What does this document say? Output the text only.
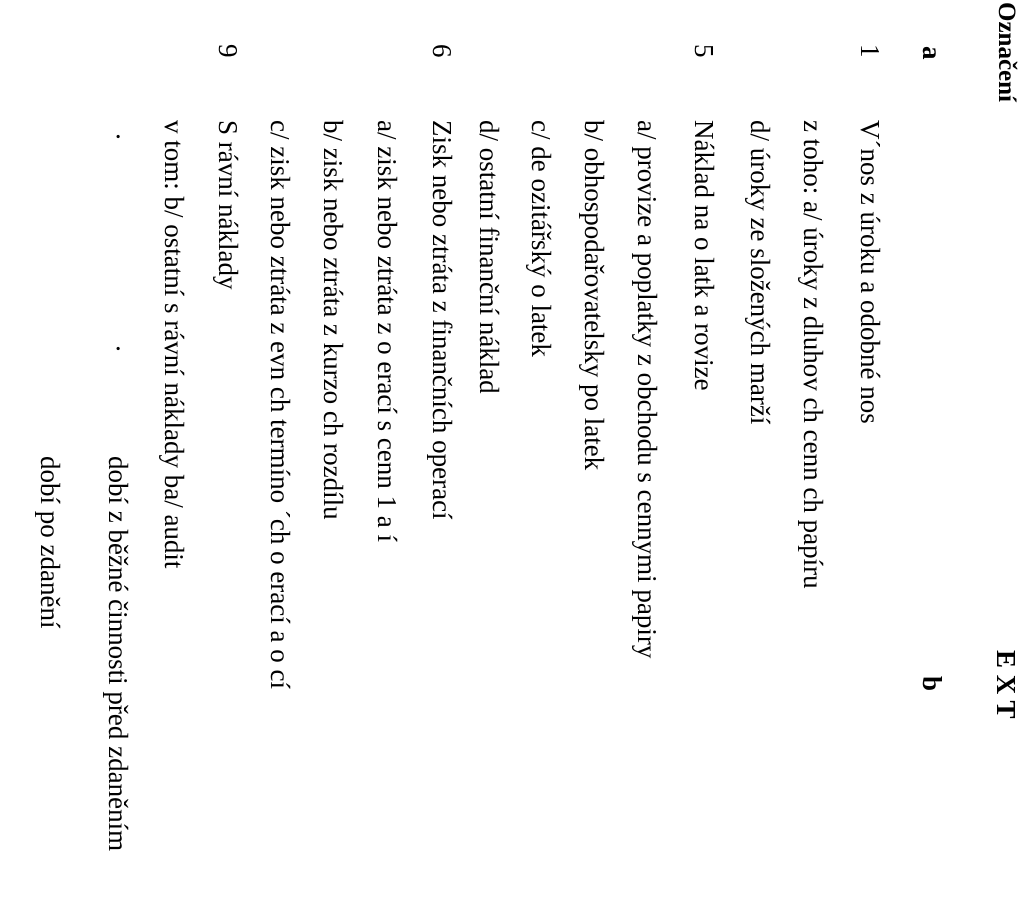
Označení
E X T
a
b
1
5
6
9
V´nos z úroku a odobné nos
z toho: a/ úroky z dluhov ch cenn ch papíru
d/ úroky ze složených marží
Náklad na o latk a rovize
a/ provize a poplatky z obchodu s cennymi papiry
b/ obhospodařovatelsky po latek
c/ de ozitářský o latek
d/ ostatní finanční náklad
Zisk nebo ztráta z finančních operací
a/ zisk nebo ztráta z o erací s cenn 1 a í
b/ zisk nebo ztráta z kurzo ch rozdílu
c/ zisk nebo ztráta z evn ch termíno ´ch o erací a o cí
S rávní náklady
v tom: b/ ostatní s rávní náklady ba/ audit
dobí z běžné činnosti před zdaněním
dobí po zdanění
·
·
